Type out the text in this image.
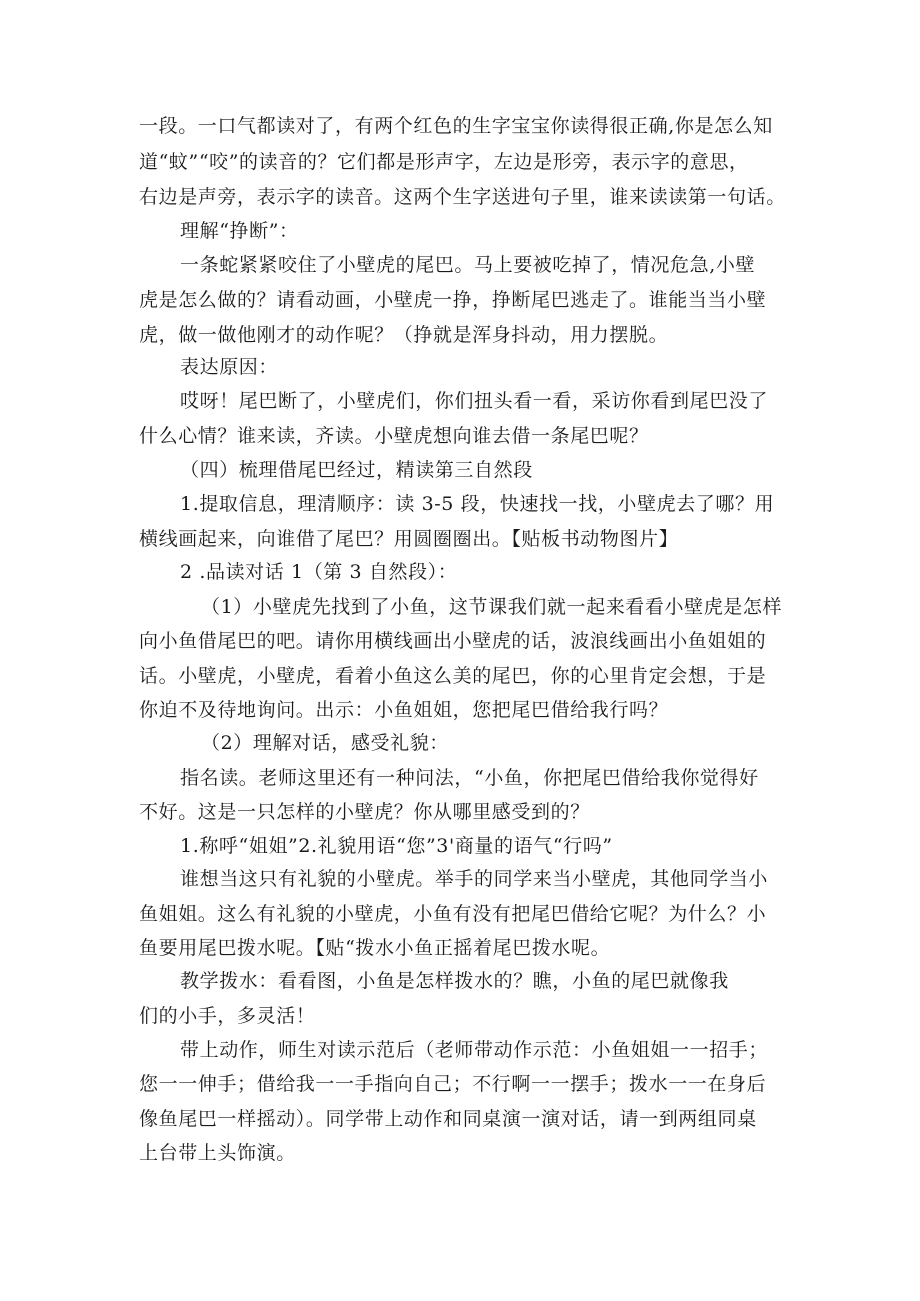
一段。一口气都读对了，有两个红色的生字宝宝你读得很正确,你是怎么知
道“蚊”“咬”的读音的？它们都是形声字，左边是形旁，表示字的意思，
右边是声旁，表示字的读音。这两个生字送进句子里，谁来读读第一句话。
理解“挣断”：
一条蛇紧紧咬住了小壁虎的尾巴。马上要被吃掉了，情况危急,小壁
虎是怎么做的？请看动画，小壁虎一挣，挣断尾巴逃走了。谁能当当小壁
虎，做一做他刚才的动作呢？（挣就是浑身抖动，用力摆脱。
表达原因：
哎呀！尾巴断了，小壁虎们，你们扭头看一看，采访你看到尾巴没了
什么心情？谁来读，齐读。小壁虎想向谁去借一条尾巴呢？
（四）梳理借尾巴经过，精读第三自然段
1.提取信息，理清顺序：读 3-5 段，快速找一找，小壁虎去了哪？用
横线画起来，向谁借了尾巴？用圆圈圈出。【贴板书动物图片】
2 .品读对话 1（第 3 自然段）：
（1）小壁虎先找到了小鱼，这节课我们就一起来看看小壁虎是怎样
向小鱼借尾巴的吧。请你用横线画出小壁虎的话，波浪线画出小鱼姐姐的
话。小壁虎，小壁虎，看着小鱼这么美的尾巴，你的心里肯定会想，于是
你迫不及待地询问。出示：小鱼姐姐，您把尾巴借给我行吗？
（2）理解对话，感受礼貌：
指名读。老师这里还有一种问法，“小鱼，你把尾巴借给我你觉得好
不好。这是一只怎样的小壁虎？你从哪里感受到的？
1.称呼“姐姐”2.礼貌用语“您”3'商量的语气“行吗”
谁想当这只有礼貌的小壁虎。举手的同学来当小壁虎，其他同学当小
鱼姐姐。这么有礼貌的小壁虎，小鱼有没有把尾巴借给它呢？为什么？小
鱼要用尾巴拨水呢。【贴“拨水小鱼正摇着尾巴拨水呢。
教学拨水：看看图，小鱼是怎样拨水的？瞧，小鱼的尾巴就像我
们的小手，多灵活！
带上动作，师生对读示范后（老师带动作示范：小鱼姐姐一一招手；
您一一伸手；借给我一一手指向自己；不行啊一一摆手；拨水一一在身后
像鱼尾巴一样摇动）。同学带上动作和同桌演一演对话，请一到两组同桌
上台带上头饰演。
